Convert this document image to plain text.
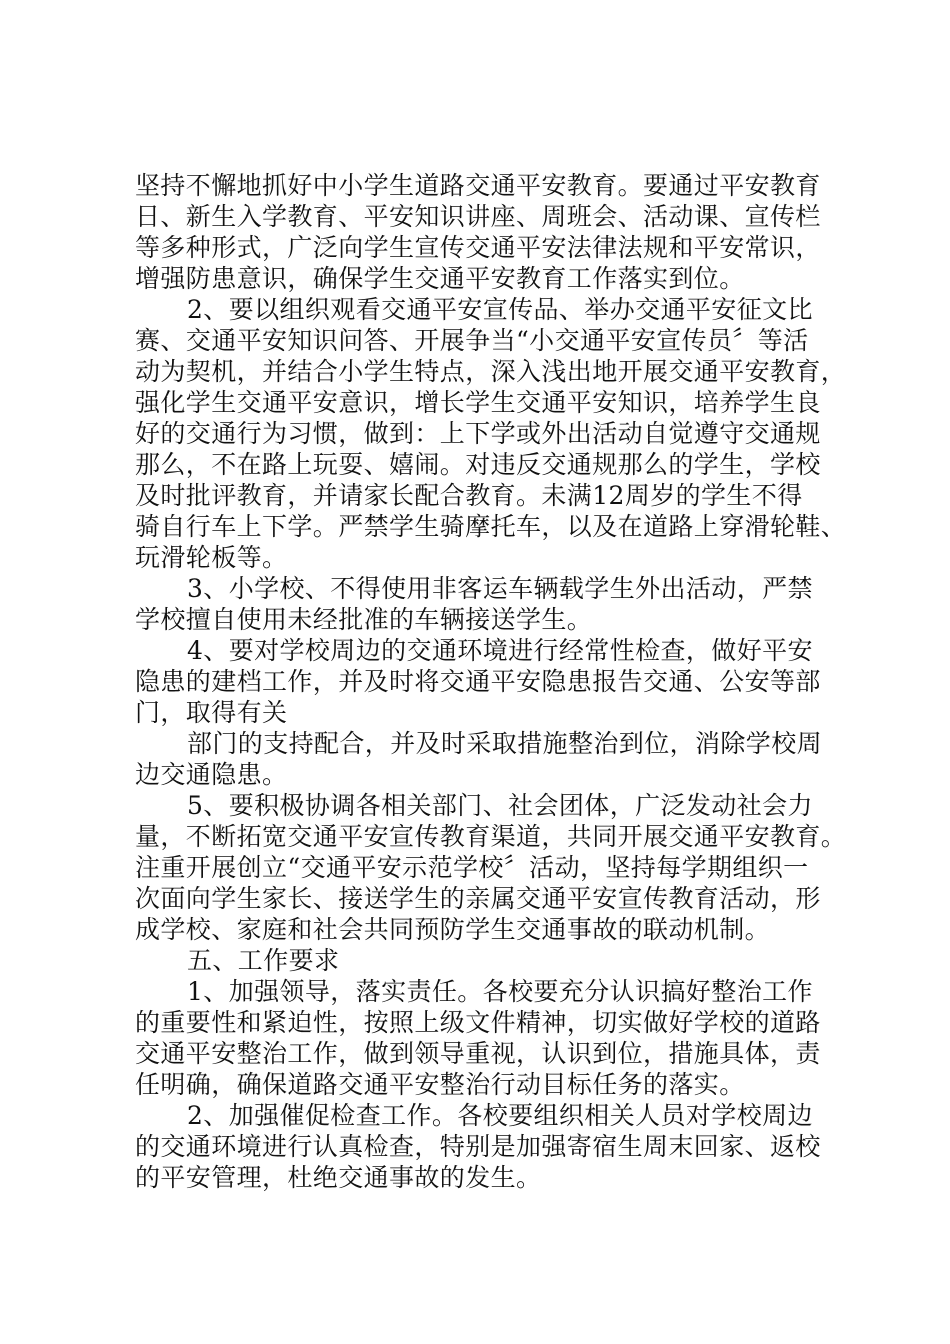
坚持不懈地抓好中小学生道路交通平安教育。要通过平安教育
日、新生入学教育、平安知识讲座、周班会、活动课、宣传栏
等多种形式，广泛向学生宣传交通平安法律法规和平安常识，
增强防患意识，确保学生交通平安教育工作落实到位。
2、要以组织观看交通平安宣传品、举办交通平安征文比
赛、交通平安知识问答、开展争当“小交通平安宣传员〞等活
动为契机，并结合小学生特点，深入浅出地开展交通平安教育，
强化学生交通平安意识，增长学生交通平安知识，培养学生良
好的交通行为习惯，做到：上下学或外出活动自觉遵守交通规
那么，不在路上玩耍、嬉闹。对违反交通规那么的学生，学校
及时批评教育，并请家长配合教育。未满12周岁的学生不得
骑自行车上下学。严禁学生骑摩托车，以及在道路上穿滑轮鞋、
玩滑轮板等。
3、小学校、不得使用非客运车辆载学生外出活动，严禁
学校擅自使用未经批准的车辆接送学生。
4、要对学校周边的交通环境进行经常性检查，做好平安
隐患的建档工作，并及时将交通平安隐患报告交通、公安等部
门，取得有关
部门的支持配合，并及时采取措施整治到位，消除学校周
边交通隐患。
5、要积极协调各相关部门、社会团体，广泛发动社会力
量，不断拓宽交通平安宣传教育渠道，共同开展交通平安教育。
注重开展创立“交通平安示范学校〞活动，坚持每学期组织一
次面向学生家长、接送学生的亲属交通平安宣传教育活动，形
成学校、家庭和社会共同预防学生交通事故的联动机制。
五、工作要求
1、加强领导，落实责任。各校要充分认识搞好整治工作
的重要性和紧迫性，按照上级文件精神，切实做好学校的道路
交通平安整治工作，做到领导重视，认识到位，措施具体，责
任明确，确保道路交通平安整治行动目标任务的落实。
2、加强催促检查工作。各校要组织相关人员对学校周边
的交通环境进行认真检查，特别是加强寄宿生周末回家、返校
的平安管理，杜绝交通事故的发生。
